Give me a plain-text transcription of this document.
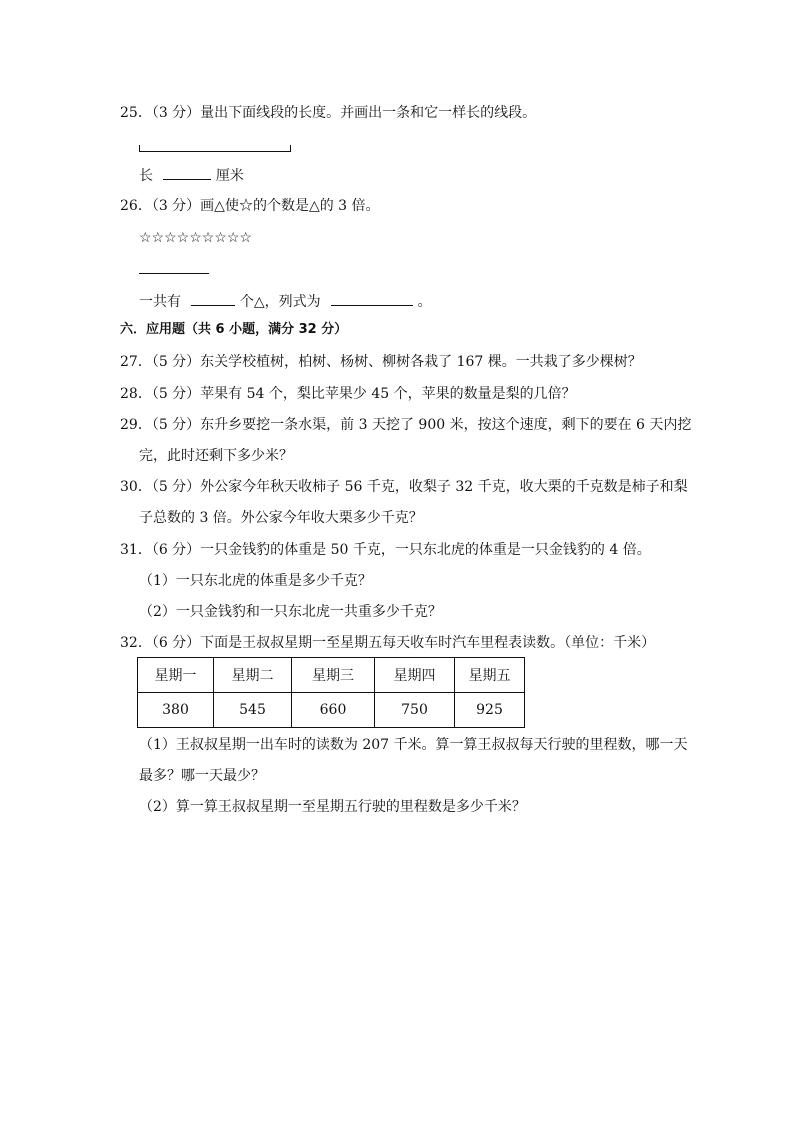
25．（3 分）量出下面线段的长度。并画出一条和它一样长的线段。
长	厘米
26．（3 分）画△使☆的个数是△的 3 倍。
☆☆☆☆☆☆☆☆☆
一共有	个△，列式为	。
六．应用题（共 6 小题，满分 32 分）
27．（5 分）东关学校植树，柏树、杨树、柳树各栽了 167 棵。一共栽了多少棵树？
28．（5 分）苹果有 54 个，梨比苹果少 45 个，苹果的数量是梨的几倍？
29．（5 分）东升乡要挖一条水渠，前 3 天挖了 900 米，按这个速度，剩下的要在 6 天内挖
完，此时还剩下多少米？
30．（5 分）外公家今年秋天收柿子 56 千克，收梨子 32 千克，收大栗的千克数是柿子和梨
子总数的 3 倍。外公家今年收大栗多少千克？
31．（6 分）一只金钱豹的体重是 50 千克，一只东北虎的体重是一只金钱豹的 4 倍。
（1）一只东北虎的体重是多少千克？
（2）一只金钱豹和一只东北虎一共重多少千克？
32．（6 分）下面是王叔叔星期一至星期五每天收车时汽车里程表读数。（单位：千米）
星期一	星期二	星期三	星期四	星期五
380	545	660	750	925
（1）王叔叔星期一出车时的读数为 207 千米。算一算王叔叔每天行驶的里程数，哪一天
最多？哪一天最少？
（2）算一算王叔叔星期一至星期五行驶的里程数是多少千米？
